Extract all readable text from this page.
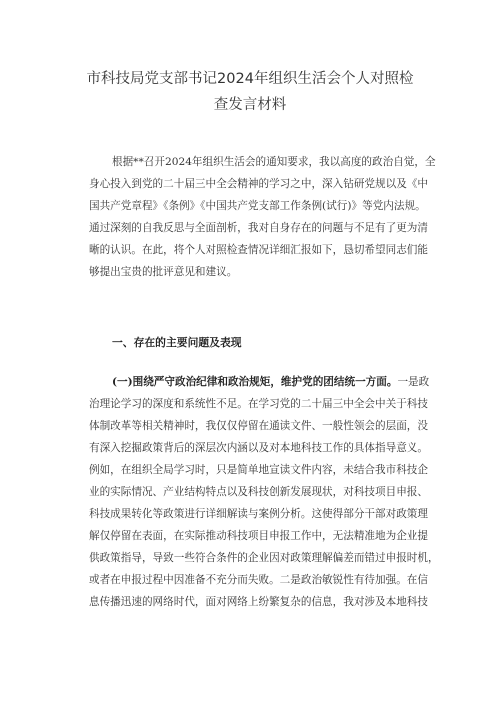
市科技局党支部书记2024年组织生活会个人对照检
查发言材料
根据**召开2024年组织生活会的通知要求，我以高度的政治自觉，全
身心投入到党的二十届三中全会精神的学习之中，深入钻研党规以及《中
国共产党章程》《条例》《中国共产党支部工作条例(试行)》等党内法规。
通过深刻的自我反思与全面剖析，我对自身存在的问题与不足有了更为清
晰的认识。在此，将个人对照检查情况详细汇报如下，恳切希望同志们能
够提出宝贵的批评意见和建议。
一、存在的主要问题及表现
(一)围绕严守政治纪律和政治规矩，维护党的团结统一方面。一是政
治理论学习的深度和系统性不足。在学习党的二十届三中全会中关于科技
体制改革等相关精神时，我仅仅停留在通读文件、一般性领会的层面，没
有深入挖掘政策背后的深层次内涵以及对本地科技工作的具体指导意义。
例如，在组织全局学习时，只是简单地宣读文件内容，未结合我市科技企
业的实际情况、产业结构特点以及科技创新发展现状，对科技项目申报、
科技成果转化等政策进行详细解读与案例分析。这使得部分干部对政策理
解仅停留在表面，在实际推动科技项目申报工作中，无法精准地为企业提
供政策指导，导致一些符合条件的企业因对政策理解偏差而错过申报时机，
或者在申报过程中因准备不充分而失败。二是政治敏锐性有待加强。在信
息传播迅速的网络时代，面对网络上纷繁复杂的信息，我对涉及本地科技
